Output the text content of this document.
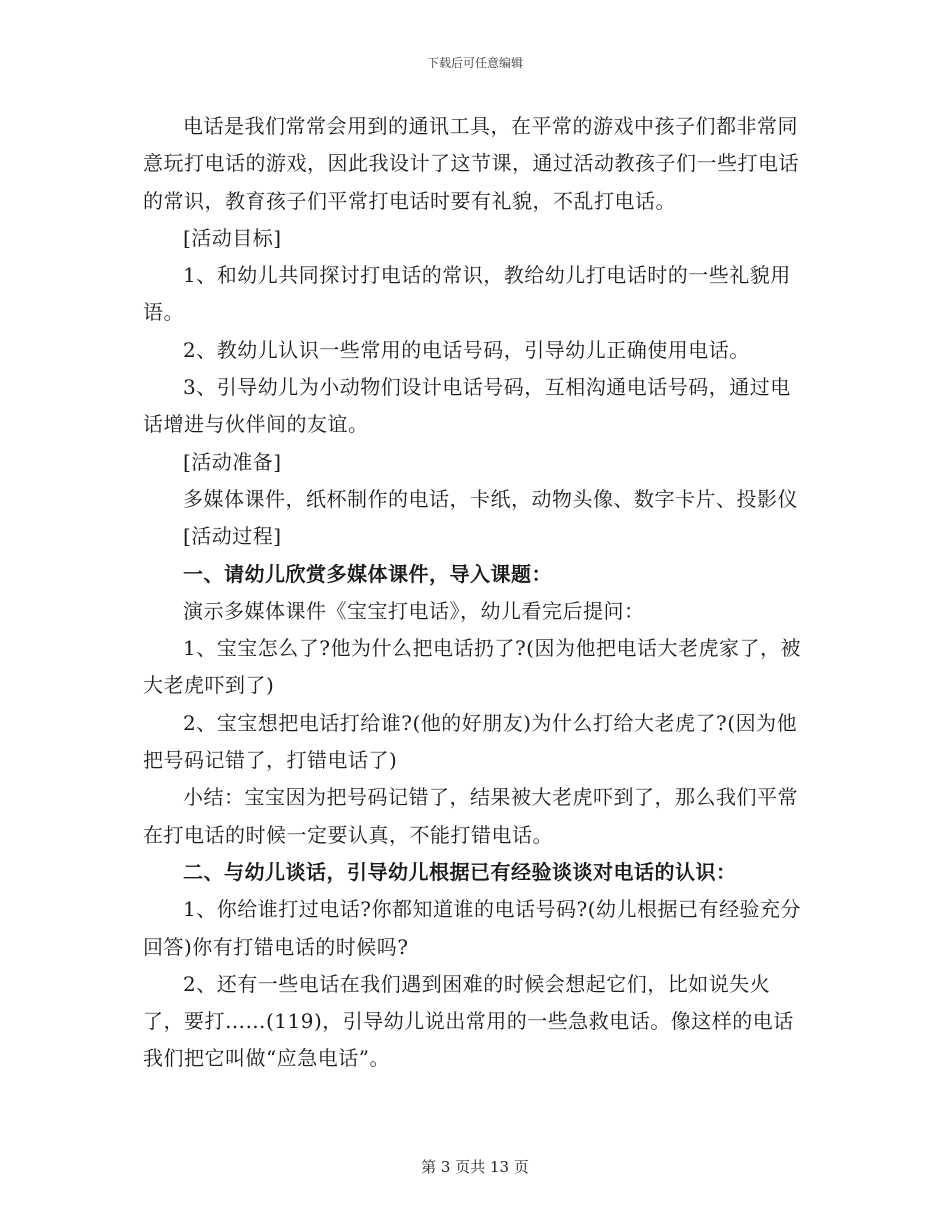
下载后可任意编辑

电话是我们常常会用到的通讯工具，在平常的游戏中孩子们都非常同意玩打电话的游戏，因此我设计了这节课，通过活动教孩子们一些打电话的常识，教育孩子们平常打电话时要有礼貌，不乱打电话。

[活动目标]

1、和幼儿共同探讨打电话的常识，教给幼儿打电话时的一些礼貌用语。

2、教幼儿认识一些常用的电话号码，引导幼儿正确使用电话。

3、引导幼儿为小动物们设计电话号码，互相沟通电话号码，通过电话增进与伙伴间的友谊。

[活动准备]

多媒体课件，纸杯制作的电话，卡纸，动物头像、数字卡片、投影仪

[活动过程]

一、请幼儿欣赏多媒体课件，导入课题：

演示多媒体课件《宝宝打电话》，幼儿看完后提问：

1、宝宝怎么了?他为什么把电话扔了?(因为他把电话大老虎家了，被大老虎吓到了)

2、宝宝想把电话打给谁?(他的好朋友)为什么打给大老虎了?(因为他把号码记错了，打错电话了)

小结：宝宝因为把号码记错了，结果被大老虎吓到了，那么我们平常在打电话的时候一定要认真，不能打错电话。

二、与幼儿谈话，引导幼儿根据已有经验谈谈对电话的认识：

1、你给谁打过电话?你都知道谁的电话号码?(幼儿根据已有经验充分回答)你有打错电话的时候吗?

2、还有一些电话在我们遇到困难的时候会想起它们，比如说失火了，要打……(119)，引导幼儿说出常用的一些急救电话。像这样的电话我们把它叫做“应急电话”。

第 3 页共 13 页
